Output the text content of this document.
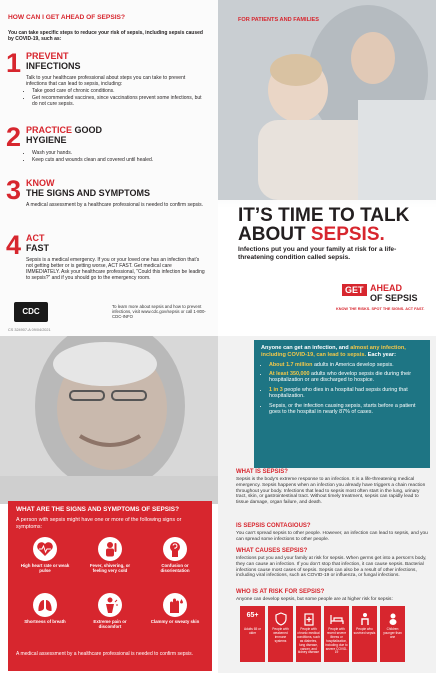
HOW CAN I GET AHEAD OF SEPSIS?
You can take specific steps to reduce your risk of sepsis, including sepsis caused by COVID-19, such as:
1 PREVENT
INFECTIONS
Talk to your healthcare professional about steps you can take to prevent infections that can lead to sepsis, including:
• Take good care of chronic conditions.
• Get recommended vaccines, since vaccinations prevent some infections, but do not cure sepsis.
2 PRACTICE GOOD
HYGIENE
• Wash your hands.
• Keep cuts and wounds clean and covered until healed.
3 KNOW
THE SIGNS AND SYMPTOMS
A medical assessment by a healthcare professional is needed to confirm sepsis.
4 ACT
FAST
Sepsis is a medical emergency. If you or your loved one has an infection that’s not getting better or is getting worse, ACT FAST. Get medical care IMMEDIATELY. Ask your healthcare professional, “Could this infection be leading to sepsis?” and if you should go to the emergency room.
CDC
To learn more about sepsis and how to prevent infections, visit www.cdc.gov/sepsis or call 1-800-CDC-INFO
CS 324907-A 09/04/2021
FOR PATIENTS AND FAMILIES
IT’S TIME TO TALK
ABOUT SEPSIS.
Infections put you and your family at risk for a life-threatening condition called sepsis.
GET AHEAD
OF SEPSIS
KNOW THE RISKS. SPOT THE SIGNS. ACT FAST.
WHAT ARE THE SIGNS AND SYMPTOMS OF SEPSIS?
A person with sepsis might have one or more of the following signs or symptoms:
High heart rate or weak pulse
Fever, shivering, or feeling very cold
Confusion or disorientation
Shortness of breath	Extreme pain or discomfort
Clammy or sweaty skin
A medical assessment by a healthcare professional is needed to confirm sepsis.
Anyone can get an infection, and almost any infection, including COVID-19, can lead to sepsis. Each year:
• About 1.7 million adults in America develop sepsis.
• At least 350,000 adults who develop sepsis die during their hospitalization or are discharged to hospice.
• 1 in 3 people who dies in a hospital had sepsis during that hospitalization.
• Sepsis, or the infection causing sepsis, starts before a patient goes to the hospital in nearly 87% of cases.
WHAT IS SEPSIS?
Sepsis is the body’s extreme response to an infection. It is a life-threatening medical emergency. Sepsis happens when an infection you already have triggers a chain reaction throughout your body. Infections that lead to sepsis most often start in the lung, urinary tract, skin, or gastrointestinal tract. Without timely treatment, sepsis can rapidly lead to tissue damage, organ failure, and death.
IS SEPSIS CONTAGIOUS?
You can’t spread sepsis to other people. However, an infection can lead to sepsis, and you can spread some infections to other people.
WHAT CAUSES SEPSIS?
Infections put you and your family at risk for sepsis. When germs get into a person’s body, they can cause an infection. If you don’t stop that infection, it can cause sepsis. Bacterial infections cause most cases of sepsis. Sepsis can also be a result of other infections, including viral infections, such as COVID-19 or influenza, or fungal infections.
WHO IS AT RISK FOR SEPSIS?
Anyone can develop sepsis, but some people are at higher risk for sepsis:
65+
Adults 65 or older
People with weakened immune systems
People with chronic medical conditions, such as diabetes, lung disease, cancer, and kidney disease
People with recent severe illness or hospitalization, including due to severe COVID-19
People who survived sepsis
Children younger than one
